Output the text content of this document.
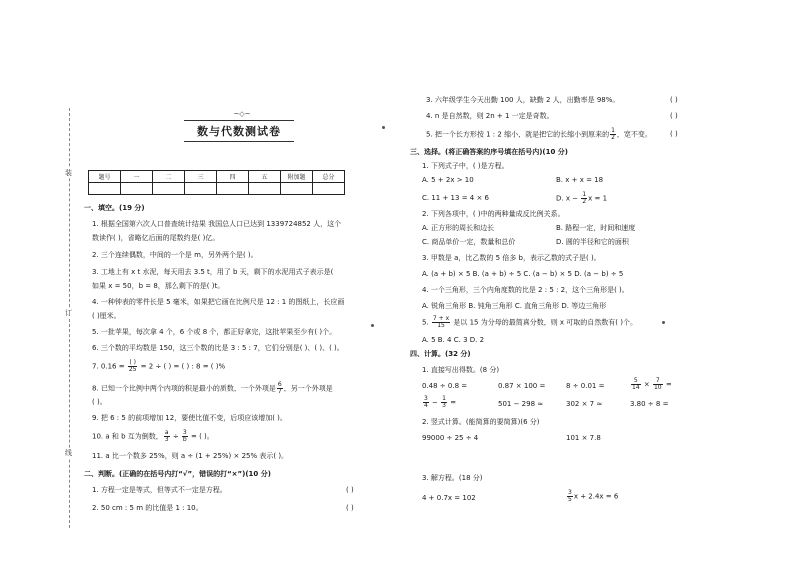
装
订
线
~◇~
数与代数测试卷
题号	一	二	三	四	五	附加题	总分

一、填空。(19 分)
1. 根据全国第六次人口普查统计结果 我国总人口已达到 1339724852 人，这个
数读作( )，省略亿后面的尾数约是( )亿。
2. 三个连续偶数，中间的一个是 m，另外两个是( )。
3. 工地上有 x t 水泥，每天用去 3.5 t，用了 b 天，剩下的水泥用式子表示是(
如果 x = 50，b = 8，那么剩下的是( )t。
4. 一种钟表的零件长是 5 毫米，如果把它画在比例尺是 12 : 1 的图纸上，长应画
( )厘米。
5. 一批苹果，每次拿 4 个，6 个或 8 个，都正好拿完，这批苹果至少有( )个。
6. 三个数的平均数是 150，这三个数的比是 3 : 5 : 7，它们分别是( )、( )、( )。
7. $0.16 = \frac{( )}{25} = 2$ ÷ ( ) = ( ) : 8 = ( )%
8. 已知一个比例中两个内项的积是最小的质数，一个外项是 $\frac{6}{7}$ ，另一个外项是
( )。
9. 把 6 : 5 的前项增加 12，要使比值不变，后项应该增加( )。
10. a 和 b 互为倒数， $\frac{a}{3} \div \frac{3}{b}$ = ( )。
11. a 比一个数多 25%，则 a ÷ (1 + 25%) × 25% 表示( )。
二、判断。(正确的在括号内打“√”，错误的打“×”)(10 分)
1. 方程一定是等式，但等式不一定是方程。	( )
2. 50 cm : 5 m 的比值是 1 : 10。	( )
3. 六年级学生今天出勤 100 人，缺勤 2 人，出勤率是 98%。	( )
4. n 是自然数，则 2n + 1 一定是奇数。	( )
5. 把一个长方形按 1 : 2 缩小，就是把它的长缩小到原来的 $\frac{1}{2}$ ，宽不变。	( )
三、选择。(将正确答案的序号填在括号内)(10 分)
1. 下列式子中，( )是方程。
A. 5 + 2x > 10	B. x + x = 18
C. 11 + 13 = 4 × 6	D. $x - \frac{1}{2}$ x = 1
2. 下列各项中，( )中的两种量成反比例关系。
A. 正方形的周长和边长	B. 路程一定，时间和速度
C. 商品单价一定，数量和总价	D. 圆的半径和它的面积
3. 甲数是 a，比乙数的 5 倍多 b，表示乙数的式子是( )。
A. (a + b) × 5 B. (a + b) ÷ 5 C. (a − b) × 5 D. (a − b) ÷ 5
4. 一个三角形，三个内角度数的比是 2 : 5 : 2，这个三角形是( )。
A. 锐角三角形 B. 钝角三角形 C. 直角三角形 D. 等边三角形
5. $\frac{7 + x}{15}$ 是以 15 为分母的最简真分数，则 x 可取的自然数有( )个。
A. 5 B. 4 C. 3 D. 2
四、计算。(32 分)
1. 直接写出得数。(8 分)
0.48 ÷ 0.8 =	0.87 × 100 =	8 ÷ 0.01 =	$\frac{5}{14} \times \frac{7}{10}$ =
$\frac{3}{4} - \frac{1}{3}$ =	501 − 298 ≈	302 × 7 ≈	3.80 ÷ 8 =
2. 竖式计算。(能简算的要简算)(6 分)
99000 ÷ 25 ÷ 4	101 × 7.8
3. 解方程。(18 分)
4 + 0.7x = 102	$\frac{3}{5}$ x + 2.4x = 6
